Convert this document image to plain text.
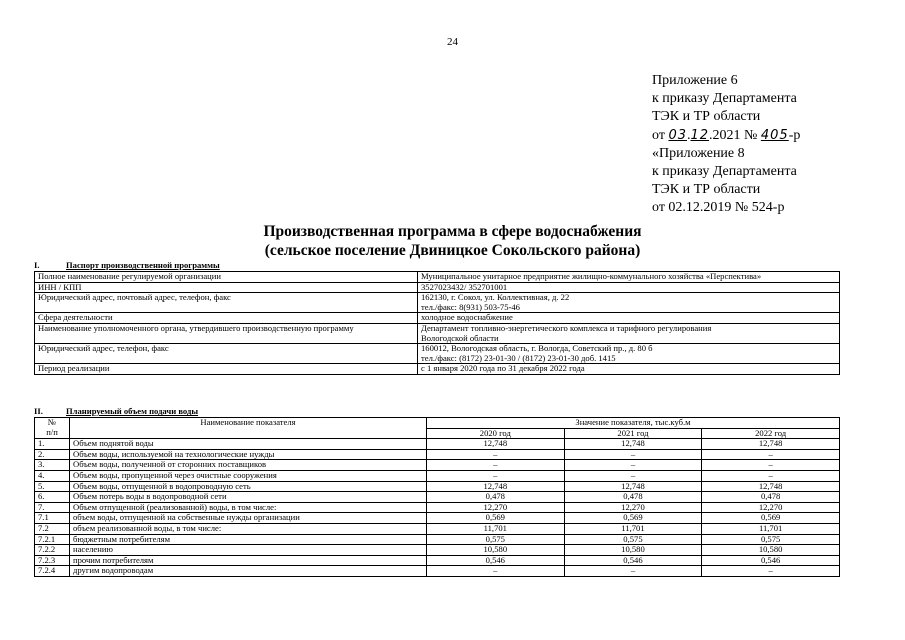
24
Приложение 6
к приказу Департамента
ТЭК и ТР области
от 03.12.2021 № 405-р
«Приложение 8
к приказу Департамента
ТЭК и ТР области
от 02.12.2019 № 524-р
Производственная программа в сфере водоснабжения
(сельское поселение Двиницкое Сокольского района)
I.	Паспорт производственной программы
Полное наименование регулируемой организации	Муниципальное унитарное предприятие жилищно-коммунального хозяйства «Перспектива»

ИНН / КПП	3527023432/ 352701001

Юридический адрес, почтовый адрес, телефон, факс	162130, г. Сокол, ул. Коллективная, д. 22
тел./факс: 8(931) 503-75-46

Сфера деятельности	холодное водоснабжение

Наименование уполномоченного органа, утвердившего производственную программу	Департамент топливно-энергетического комплекса и тарифного регулирования
Вологодской области

Юридический адрес, телефон, факс	160012, Вологодская область, г. Вологда, Советский пр., д. 80 б
тел./факс: (8172) 23-01-30 / (8172) 23-01-30 доб. 1415

Период реализации	с 1 января 2020 года по 31 декабря 2022 года
II.	Планируемый объем подачи воды
№
п/п	Наименование показателя	Значение показателя, тыс.куб.м		
		2020 год	2021 год	2022 год
1.	Объем поднятой воды	12,748	12,748	12,748
2.	Объем воды, используемой на технологические нужды	–	–	–
3.	Объем воды, полученной от сторонних поставщиков	–	–	–
4.	Объем воды, пропущенной через очистные сооружения	–	–	–
5.	Объем воды, отпущенной в водопроводную сеть	12,748	12,748	12,748
6.	Объем потерь воды в водопроводной сети	0,478	0,478	0,478
7.	Объем отпущенной (реализованной) воды, в том числе:	12,270	12,270	12,270
7.1	объем воды, отпущенной на собственные нужды организации	0,569	0,569	0,569
7.2	объем реализованной воды, в том числе:	11,701	11,701	11,701
7.2.1	бюджетным потребителям	0,575	0,575	0,575
7.2.2	населению	10,580	10,580	10,580
7.2.3	прочим потребителям	0,546	0,546	0,546
7.2.4	другим водопроводам	–	–	–
